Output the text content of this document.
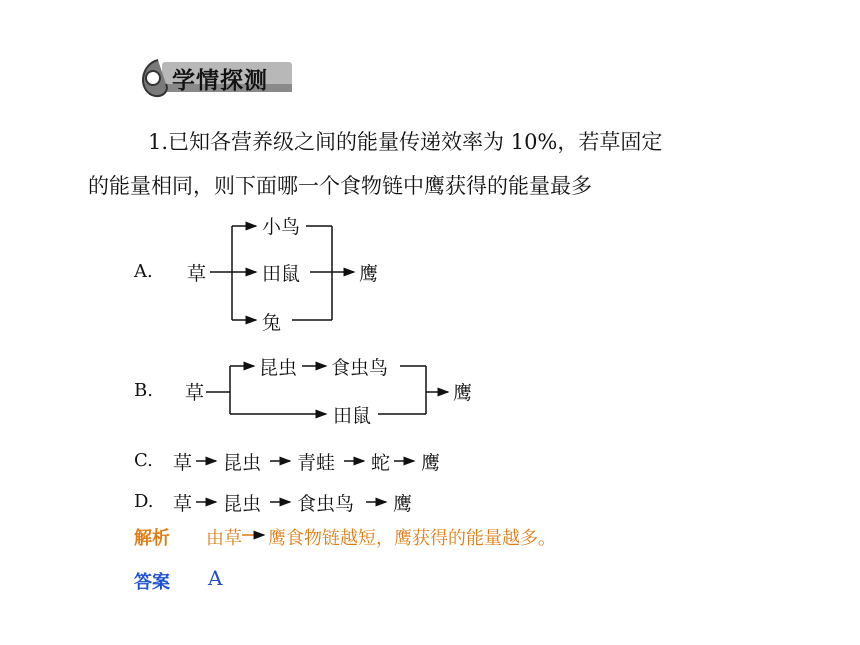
学情探测
1.已知各营养级之间的能量传递效率为 10%，若草固定
的能量相同，则下面哪一个食物链中鹰获得的能量最多
A. 草
小鸟
田鼠
兔
鹰
B. 草
昆虫 食虫鸟
田鼠
鹰
C. 草 昆虫 青蛙 蛇 鹰
D. 草 昆虫 食虫鸟 鹰
解析 由草 鹰食物链越短，鹰获得的能量越多。
答案 A
